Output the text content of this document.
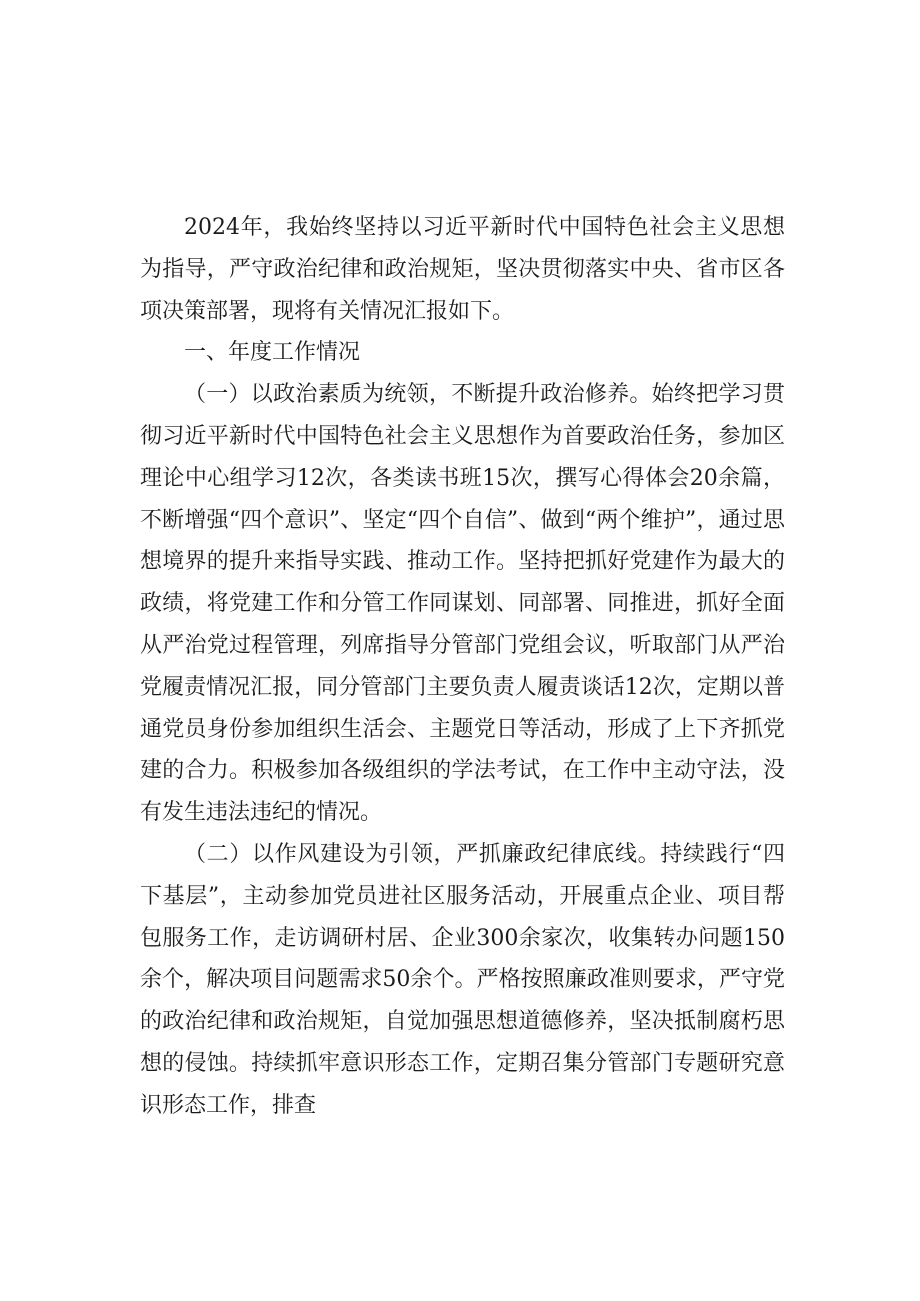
2024年，我始终坚持以习近平新时代中国特色社会主义思想为指导，严守政治纪律和政治规矩，坚决贯彻落实中央、省市区各项决策部署，现将有关情况汇报如下。

一、年度工作情况

（一）以政治素质为统领，不断提升政治修养。始终把学习贯彻习近平新时代中国特色社会主义思想作为首要政治任务，参加区理论中心组学习12次，各类读书班15次，撰写心得体会20余篇，不断增强“四个意识”、坚定“四个自信”、做到“两个维护”，通过思想境界的提升来指导实践、推动工作。坚持把抓好党建作为最大的政绩，将党建工作和分管工作同谋划、同部署、同推进，抓好全面从严治党过程管理，列席指导分管部门党组会议，听取部门从严治党履责情况汇报，同分管部门主要负责人履责谈话12次，定期以普通党员身份参加组织生活会、主题党日等活动，形成了上下齐抓党建的合力。积极参加各级组织的学法考试，在工作中主动守法，没有发生违法违纪的情况。

（二）以作风建设为引领，严抓廉政纪律底线。持续践行“四下基层”，主动参加党员进社区服务活动，开展重点企业、项目帮包服务工作，走访调研村居、企业300余家次，收集转办问题150余个，解决项目问题需求50余个。严格按照廉政准则要求，严守党的政治纪律和政治规矩，自觉加强思想道德修养，坚决抵制腐朽思想的侵蚀。持续抓牢意识形态工作，定期召集分管部门专题研究意识形态工作，排查
